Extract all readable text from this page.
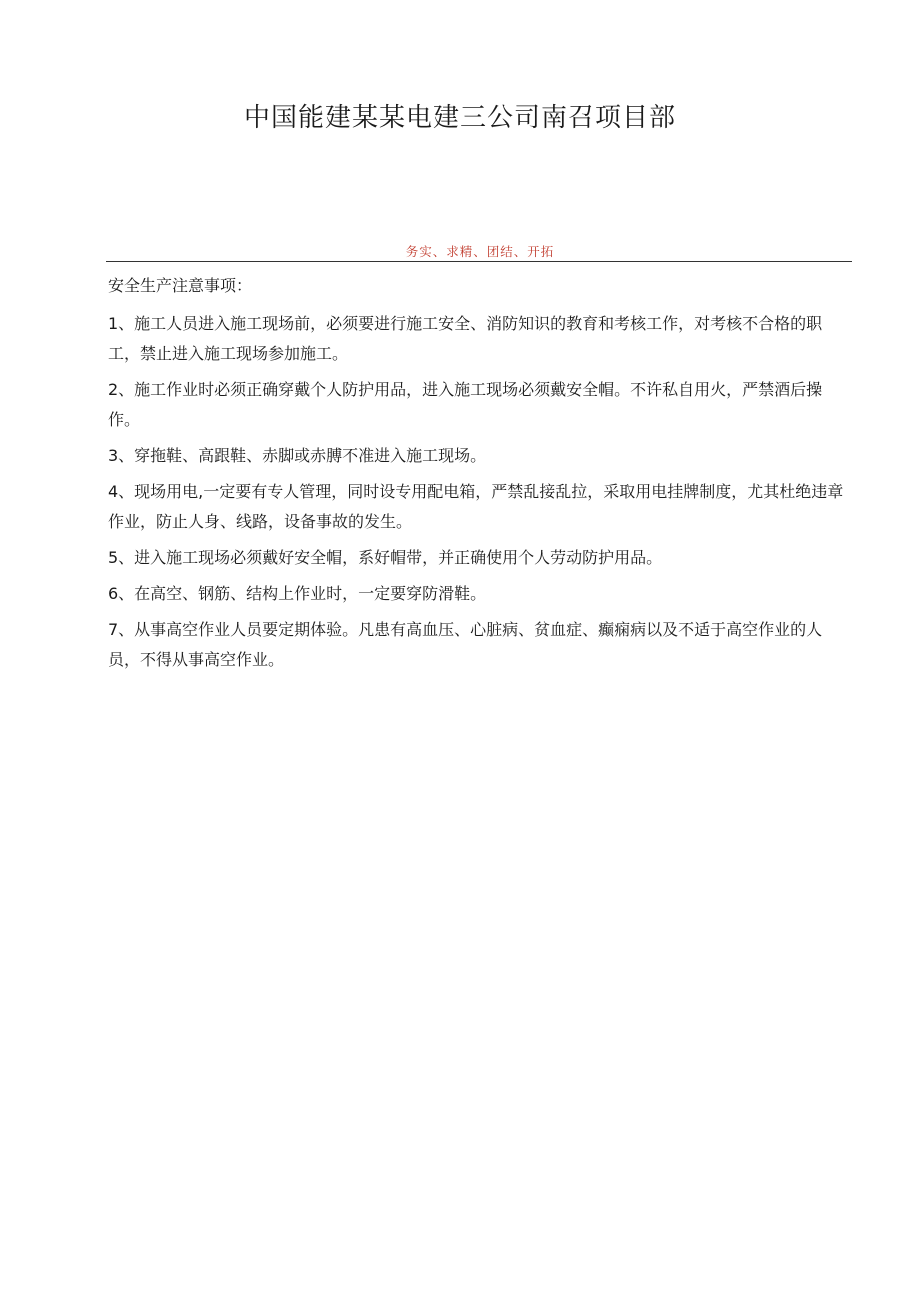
中国能建某某电建三公司南召项目部
务实、求精、团结、开拓
安全生产注意事项：
1、施工人员进入施工现场前，必须要进行施工安全、消防知识的教育和考核工作，对考核不合格的职工，禁止进入施工现场参加施工。
2、施工作业时必须正确穿戴个人防护用品，进入施工现场必须戴安全帽。不许私自用火，严禁酒后操作。
3、穿拖鞋、高跟鞋、赤脚或赤膊不准进入施工现场。
4、现场用电,一定要有专人管理，同时设专用配电箱，严禁乱接乱拉，采取用电挂牌制度，尤其杜绝违章作业，防止人身、线路，设备事故的发生。
5、进入施工现场必须戴好安全帽，系好帽带，并正确使用个人劳动防护用品。
6、在高空、钢筋、结构上作业时，一定要穿防滑鞋。
7、从事高空作业人员要定期体验。凡患有高血压、心脏病、贫血症、癫痫病以及不适于高空作业的人员，不得从事高空作业。
